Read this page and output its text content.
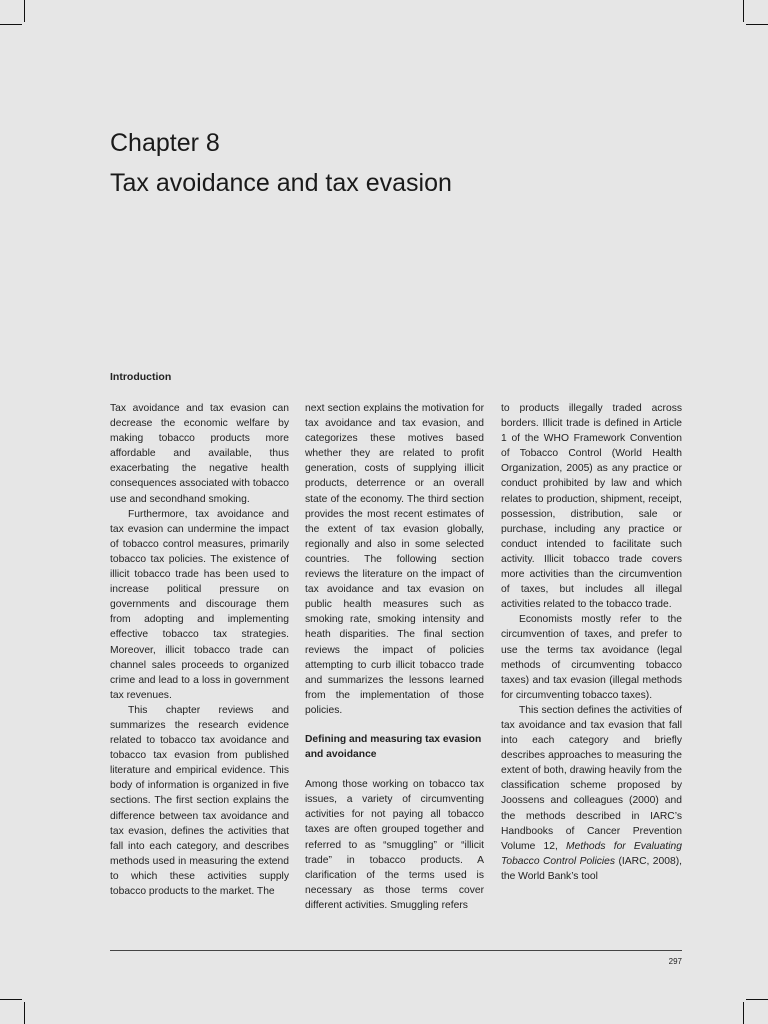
Chapter 8
Tax avoidance and tax evasion
Introduction

Tax avoidance and tax evasion can decrease the economic welfare by making tobacco products more affordable and available, thus exacerbating the negative health consequences associated with tobacco use and secondhand smoking.

Furthermore, tax avoidance and tax evasion can undermine the impact of tobacco control measures, primarily tobacco tax policies. The existence of illicit tobacco trade has been used to increase political pressure on governments and discourage them from adopting and implementing effective tobacco tax strategies. Moreover, illicit tobacco trade can channel sales proceeds to organized crime and lead to a loss in government tax revenues.

This chapter reviews and summarizes the research evidence related to tobacco tax avoidance and tobacco tax evasion from published literature and empirical evidence. This body of information is organized in five sections. The first section explains the difference between tax avoidance and tax evasion, defines the activities that fall into each category, and describes methods used in measuring the extend to which these activities supply tobacco products to the market. The

next section explains the motivation for tax avoidance and tax evasion, and categorizes these motives based whether they are related to profit generation, costs of supplying illicit products, deterrence or an overall state of the economy. The third section provides the most recent estimates of the extent of tax evasion globally, regionally and also in some selected countries. The following section reviews the literature on the impact of tax avoidance and tax evasion on public health measures such as smoking rate, smoking intensity and heath disparities. The final section reviews the impact of policies attempting to curb illicit tobacco trade and summarizes the lessons learned from the implementation of those policies.

Defining and measuring tax evasion and avoidance

Among those working on tobacco tax issues, a variety of circumventing activities for not paying all tobacco taxes are often grouped together and referred to as “smuggling” or “illicit trade” in tobacco products. A clarification of the terms used is necessary as those terms cover different activities. Smuggling refers

to products illegally traded across borders. Illicit trade is defined in Article 1 of the WHO Framework Convention of Tobacco Control (World Health Organization, 2005) as any practice or conduct prohibited by law and which relates to production, shipment, receipt, possession, distribution, sale or purchase, including any practice or conduct intended to facilitate such activity. Illicit tobacco trade covers more activities than the circumvention of taxes, but includes all illegal activities related to the tobacco trade.

Economists mostly refer to the circumvention of taxes, and prefer to use the terms tax avoidance (legal methods of circumventing tobacco taxes) and tax evasion (illegal methods for circumventing tobacco taxes).

This section defines the activities of tax avoidance and tax evasion that fall into each category and briefly describes approaches to measuring the extent of both, drawing heavily from the classification scheme proposed by Joossens and colleagues (2000) and the methods described in IARC’s Handbooks of Cancer Prevention Volume 12, Methods for Evaluating Tobacco Control Policies (IARC, 2008), the World Bank’s tool

297
